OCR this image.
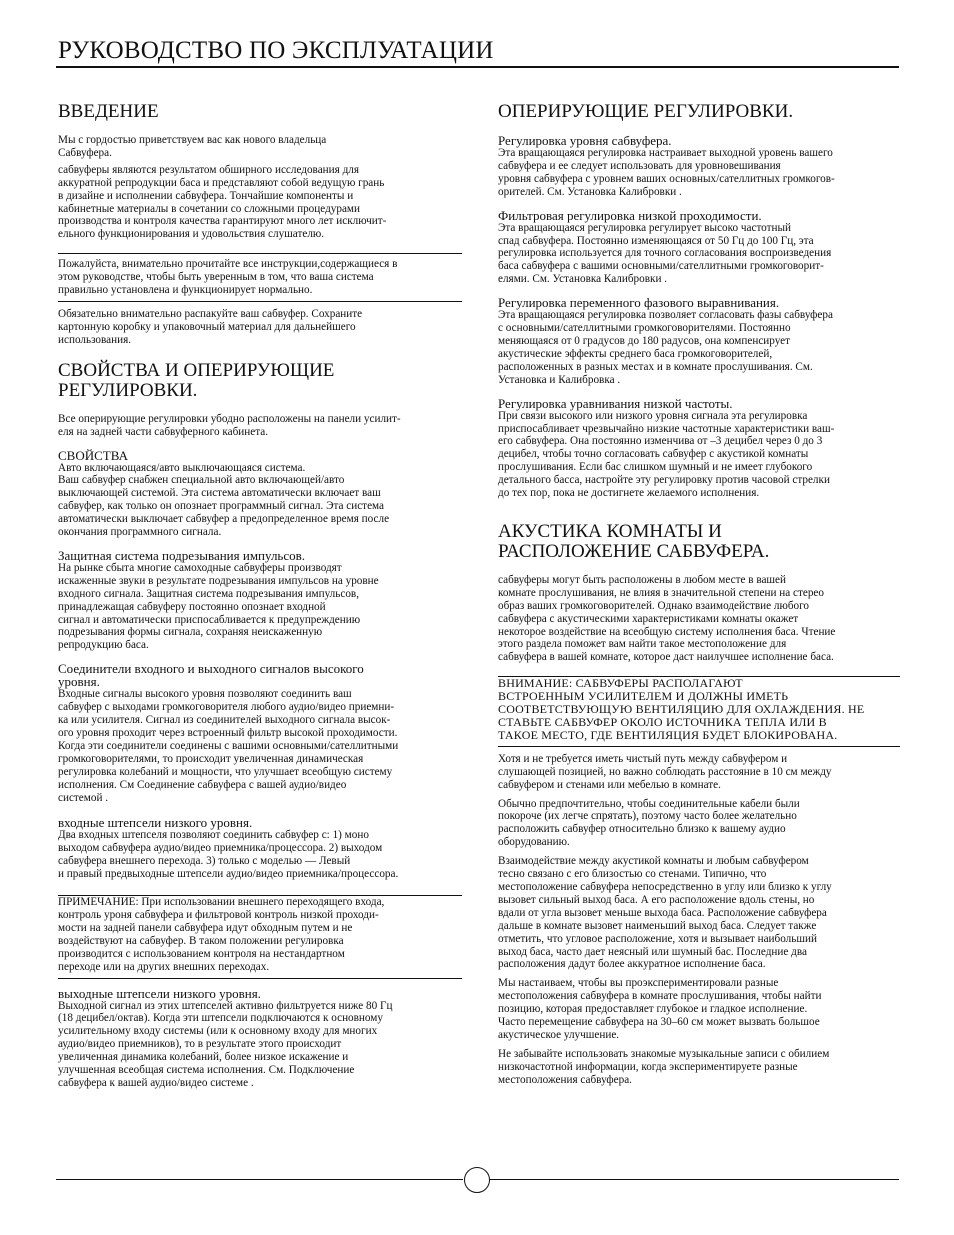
РУКОВОДСТВО ПО ЭКСПЛУАТАЦИИ
ВВЕДЕНИЕ

Мы с гордостью приветствуем вас как нового владельца
Сабвуфера.

сабвуферы являются результатом обширного исследования для
аккуратной репродукции баса и представляют собой ведущую грань
в дизайне и исполнении сабвуфера. Тончайшие компоненты и
кабинетные материалы в сочетании со сложными процедурами
производства и контроля качества гарантируют много лет исключит-
ельного функционирования и удовольствия слушателю.

Пожалуйста, внимательно прочитайте все инструкции,содержащиеся в
этом руководстве, чтобы быть уверенным в том, что ваша система
правильно установлена и функционирует нормально.

Обязательно внимательно распакуйте ваш сабвуфер. Сохраните
картонную коробку и упаковочный материал для дальнейшего
использования.

СВОЙСТВА И ОПЕРИРУЮЩИЕ
РЕГУЛИРОВКИ.

Все оперирующие регулировки убодно расположены на панели усилит-
еля на задней части сабвуферного кабинета.

СВОЙСТВА

Авто включающаяся/авто выключающаяся система.
Ваш сабвуфер снабжен специальной авто включающей/авто
выключающей системой. Эта система автоматически включает ваш
сабвуфер, как только он опознает программный сигнал. Эта система
автоматически выключает сабвуфер а предопределенное время после
окончания программного сигнала.

Защитная система подрезывания импульсов.

На рынке сбыта многие самоходные сабвуферы производят
искаженные звуки в результате подрезывания импульсов на уровне
входного сигнала. Защитная система подрезывания импульсов,
принадлежащая сабвуферу постоянно опознает входной
сигнал и автоматически приспосабливается к предупреждению
подрезывания формы сигнала, сохраняя неискаженную
репродукцию баса.

Соединители входного и выходного сигналов высокого
уровня.

Входные сигналы высокого уровня позволяют соединить ваш
сабвуфер с выходами громкоговорителя любого аудио/видео приемни-
ка или усилителя. Сигнал из соединителей выходного сигнала высок-
ого уровня проходит через встроенный фильтр высокой проходимости.
Когда эти соединители соединены с вашими основными/сателлитными
громкоговорителями, то происходит увеличенная динамическая
регулировка колебаний и мощности, что улучшает всеобщую систему
исполнения. См Соединение сабвуфера с вашей аудио/видео
системой .

входные штепсели низкого уровня.

Два входных штепселя позволяют соединить сабвуфер с: 1) моно
выходом сабвуфера аудио/видео приемника/процессора. 2) выходом
сабвуфера внешнего перехода. 3) только с моделью — Левый
и правый предвыходные штепсели аудио/видео приемника/процессора.

ПРИМЕЧАНИЕ: При использовании внешнего переходящего входа,
контроль уроня сабвуфера и фильтровой контроль низкой проходи-
мости на задней панели сабвуфера идут обходным путем и не
воздействуют на сабвуфер. В таком положении регулировка
производится с использованием контроля на нестандартном
переходе или на других внешних переходах.

выходные штепсели низкого уровня.

Выходной сигнал из этих штепселей активно фильтруется ниже 80 Гц
(18 децибел/октав). Когда эти штепсели подключаются к основному
усилительному входу системы (или к основному входу для многих
аудио/видео приемников), то в результате этого происходит
увеличенная динамика колебаний, более низкое искажение и
улучшенная всеобщая система исполнения. См. Подключение
сабвуфера к вашей аудио/видео системе .

ОПЕРИРУЮЩИЕ РЕГУЛИРОВКИ.
Регулировка уровня сабвуфера.

Эта вращающаяся регулировка настраивает выходной уровень вашего
сабвуфера и ее следует использовать для уровновешивания
уровня сабвуфера с уровнем ваших основных/сателлитных громкогов-
орителей. См. Установка Калибровки .

Фильтровая регулировка низкой проходимости.

Эта вращающаяся регулировка регулирует высоко частотный
спад сабвуфера. Постоянно изменяющаяся от 50 Гц до 100 Гц, эта
регулировка используется для точного согласования воспроизведения
баса сабвуфера с вашими основными/сателлитными громкоговорит-
елями. См. Установка Калибровки .

Регулировка переменного фазового выравнивания.

Эта вращающаяся регулировка позволяет согласовать фазы сабвуфера
с основными/сателлитными громкоговорителями. Постоянно
меняющаяся от 0 градусов до 180 радусов, она компенсирует
акустические эффекты среднего баса громкоговорителей,
расположенных в разных местах и в комнате прослушивания. См.
Установка и Калибровка .

Регулировка уравнивания низкой частоты.

При связи высокого или низкого уровня сигнала эта регулировка
приспосабливает чрезвычайно низкие частотные характеристики ваш-
его сабвуфера. Она постоянно изменчива от –3 децибел через 0 до 3
децибел, чтобы точно согласовать сабвуфер с акустикой комнаты
прослушивания. Если бас слишком шумный и не имеет глубокого
детального басса, настройте эту регулировку против часовой стрелки
до тех пор, пока не достигнете желаемого исполнения.

АКУСТИКА КОМНАТЫ И
РАСПОЛОЖЕНИЕ САБВУФЕРА.

сабвуферы могут быть расположены в любом месте в вашей
комнате прослушивания, не влияя в значительной степени на стерео
образ ваших громкоговорителей. Однако взаимодействие любого
сабвуфера с акустическими характеристиками комнаты окажет
некоторое воздействие на всеобщую систему исполнения баса. Чтение
этого раздела поможет вам найти такое местоположение для
сабвуфера в вашей комнате, которое даст наилучшее исполнение баса.

ВНИМАНИЕ: САБВУФЕРЫ РАСПОЛАГАЮТ
ВСТРОЕННЫМ УСИЛИТЕЛЕМ И ДОЛЖНЫ ИМЕТЬ
СООТВЕТСТВУЮЩУЮ ВЕНТИЛЯЦИЮ ДЛЯ ОХЛАЖДЕНИЯ. НЕ
СТАВЬТЕ САБВУФЕР ОКОЛО ИСТОЧНИКА ТЕПЛА ИЛИ В
ТАКОЕ МЕСТО, ГДЕ ВЕНТИЛЯЦИЯ БУДЕТ БЛОКИРОВАНА.

Хотя и не требуется иметь чистый путь между сабвуфером и
слушающей позицией, но важно соблюдать расстояние в 10 см между
сабвуфером и стенами или мебелью в комнате.

Обычно предпочтительно, чтобы соединительные кабели были
покороче (их легче спрятать), поэтому часто более желательно
расположить сабвуфер относительно близко к вашему аудио
оборудованию.

Взаимодействие между акустикой комнаты и любым сабвуфером
тесно связано с его близостью со стенами. Типично, что
местоположение сабвуфера непосредственно в углу или близко к углу
вызовет сильный выход баса. А его расположение вдоль стены, но
вдали от угла вызовет меньше выхода баса. Расположение сабвуфера
дальше в комнате вызовет наименьший выход баса. Следует также
отметить, что угловое расположение, хотя и вызывает наибольший
выход баса, часто дает неясный или шумный бас. Последние два
расположения дадут более аккуратное исполнение баса.

Мы настаиваем, чтобы вы проэкспериментировали разные
местоположения сабвуфера в комнате прослушивания, чтобы найти
позицию, которая предоставляет глубокое и гладкое исполнение.
Часто перемещение сабвуфера на 30–60 см может вызвать большое
акустическое улучшение.

Не забывайте использовать знакомые музыкальные записи с обилием
низкочастотной информации, когда экспериментируете разные
местоположения сабвуфера.
